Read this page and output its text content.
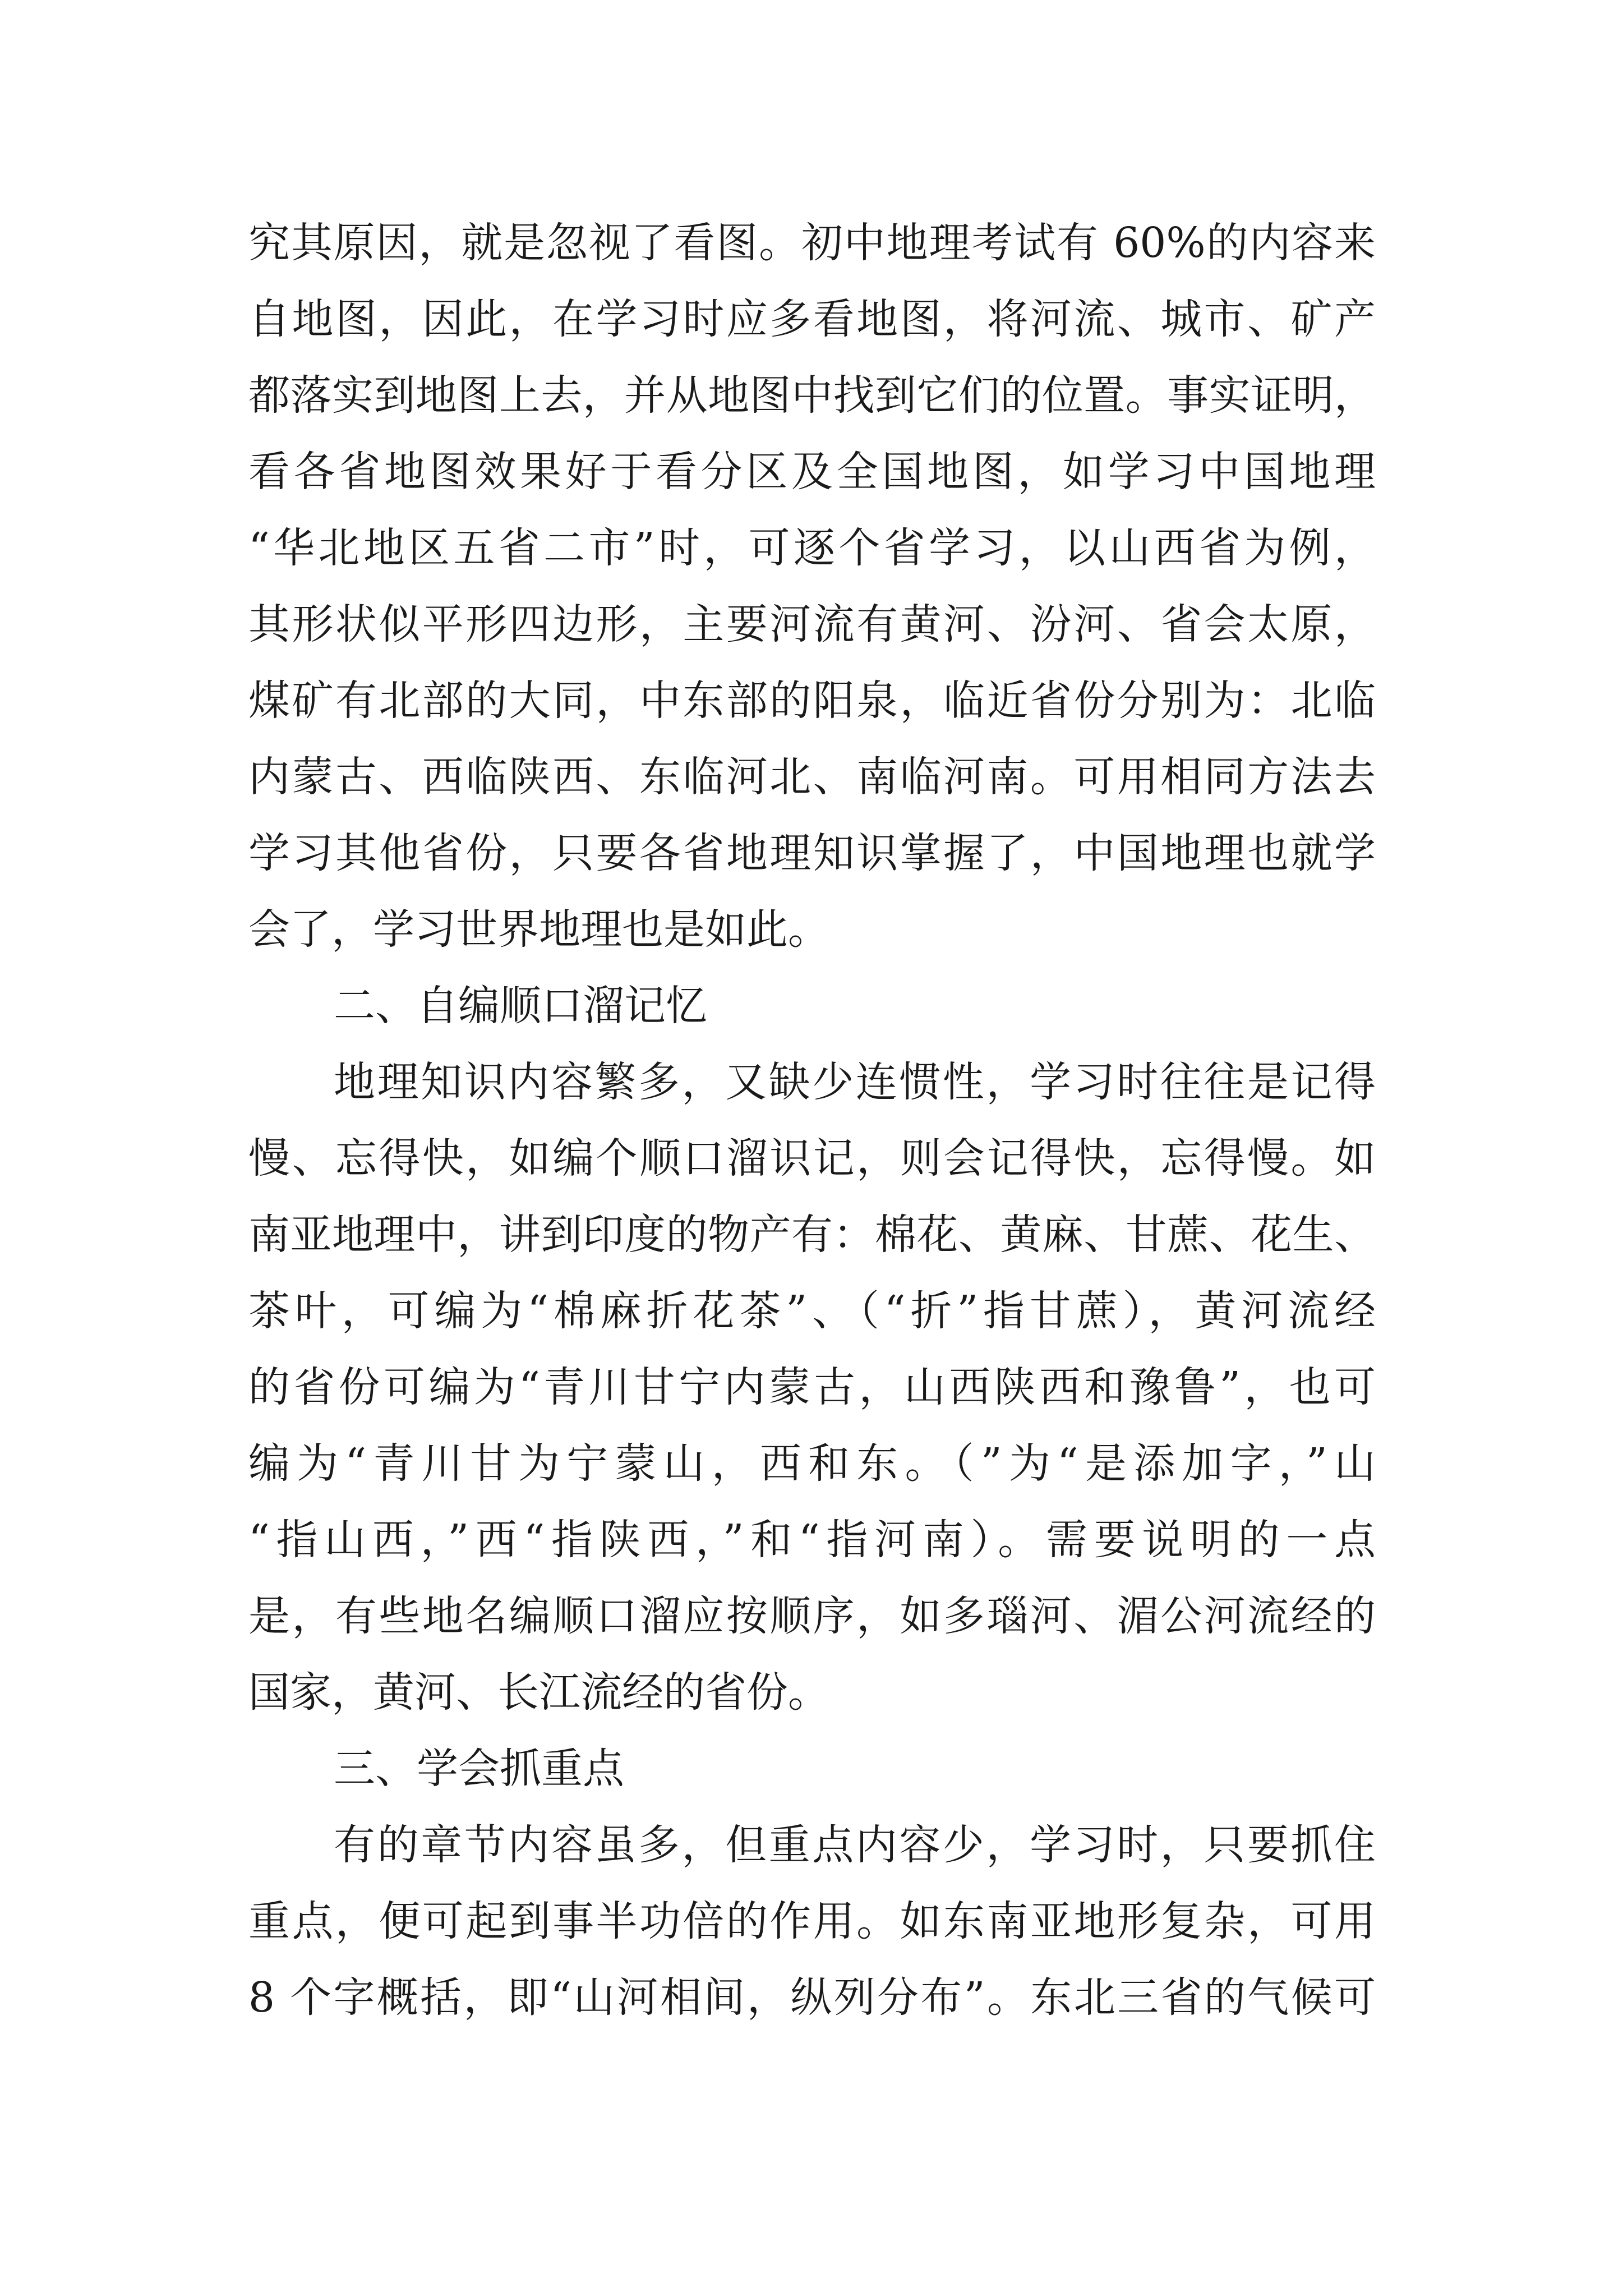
究其原因，就是忽视了看图。初中地理考试有 60%的内容来
自地图，因此，在学习时应多看地图，将河流、城市、矿产
都落实到地图上去，并从地图中找到它们的位置。事实证明，
看各省地图效果好于看分区及全国地图，如学习中国地理
“华北地区五省二市”时，可逐个省学习，以山西省为例，
其形状似平形四边形，主要河流有黄河、汾河、省会太原，
煤矿有北部的大同，中东部的阳泉，临近省份分别为：北临
内蒙古、西临陕西、东临河北、南临河南。可用相同方法去
学习其他省份，只要各省地理知识掌握了，中国地理也就学
会了，学习世界地理也是如此。
二、自编顺口溜记忆
地理知识内容繁多，又缺少连惯性，学习时往往是记得
慢、忘得快，如编个顺口溜识记，则会记得快，忘得慢。如
南亚地理中，讲到印度的物产有：棉花、黄麻、甘蔗、花生、
茶叶，可编为“棉麻折花茶”、（“折”指甘蔗），黄河流经
的省份可编为“青川甘宁内蒙古，山西陕西和豫鲁”，也可
编为“青川甘为宁蒙山，西和东。（”为“是添加字，”山
“指山西，”西“指陕西，”和“指河南）。需要说明的一点
是，有些地名编顺口溜应按顺序，如多瑙河、湄公河流经的
国家，黄河、长江流经的省份。
三、学会抓重点
有的章节内容虽多，但重点内容少，学习时，只要抓住
重点，便可起到事半功倍的作用。如东南亚地形复杂，可用
8 个字概括，即“山河相间，纵列分布”。东北三省的气候可
